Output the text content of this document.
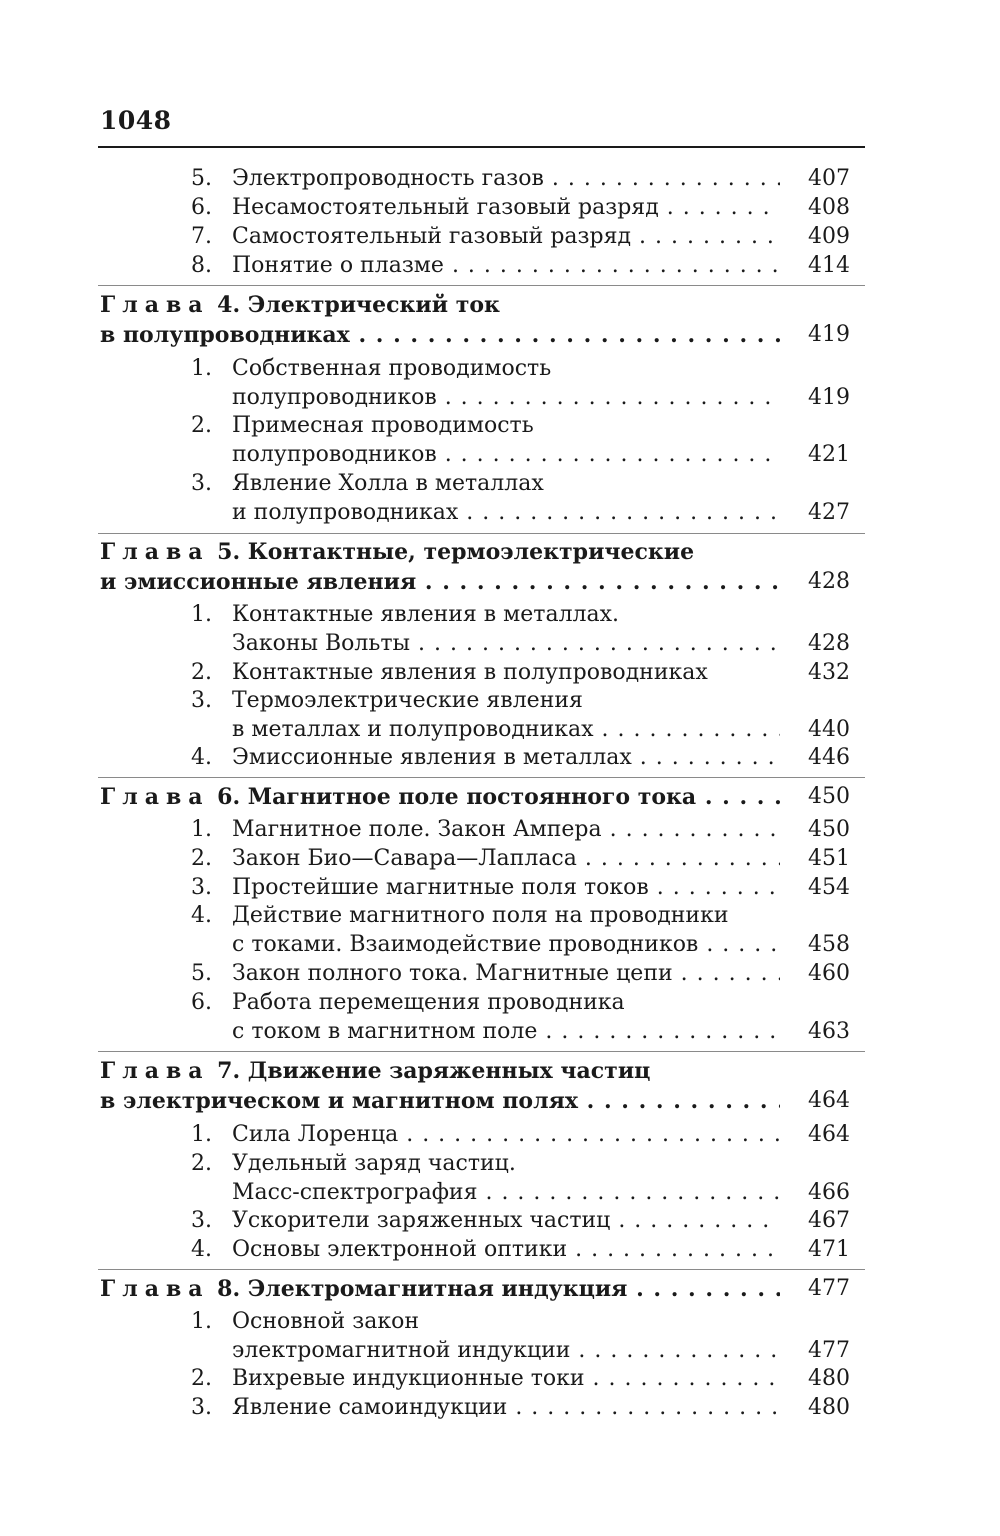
1048
5. Электропроводность газов . . .	407
6. Несамостоятельный газовый разряд . . .	408
7. Самостоятельный газовый разряд . . .	409
8. Понятие о плазме . . .	414
Глава 4. Электрический ток
в полупроводниках . . .	419
1. Собственная проводимость
полупроводников . . .	419
2. Примесная проводимость
полупроводников . . .	421
3. Явление Холла в металлах
и полупроводниках . . .	427
Глава 5. Контактные, термоэлектрические
и эмиссионные явления . . .	428
1. Контактные явления в металлах.
Законы Вольты . . .	428
2. Контактные явления в полупроводниках	432
3. Термоэлектрические явления
в металлах и полупроводниках . . .	440
4. Эмиссионные явления в металлах . . .	446
Глава 6. Магнитное поле постоянного тока . . .	450
1. Магнитное поле. Закон Ампера . . .	450
2. Закон Био—Савара—Лапласа . . .	451
3. Простейшие магнитные поля токов . . .	454
4. Действие магнитного поля на проводники
с токами. Взаимодействие проводников . . .	458
5. Закон полного тока. Магнитные цепи . . .	460
6. Работа перемещения проводника
с током в магнитном поле . . .	463
Глава 7. Движение заряженных частиц
в электрическом и магнитном полях . . .	464
1. Сила Лоренца . . .	464
2. Удельный заряд частиц.
Масс-спектрография . . .	466
3. Ускорители заряженных частиц . . .	467
4. Основы электронной оптики . . .	471
Глава 8. Электромагнитная индукция . . .	477
1. Основной закон
электромагнитной индукции . . .	477
2. Вихревые индукционные токи . . .	480
3. Явление самоиндукции . . .	480
